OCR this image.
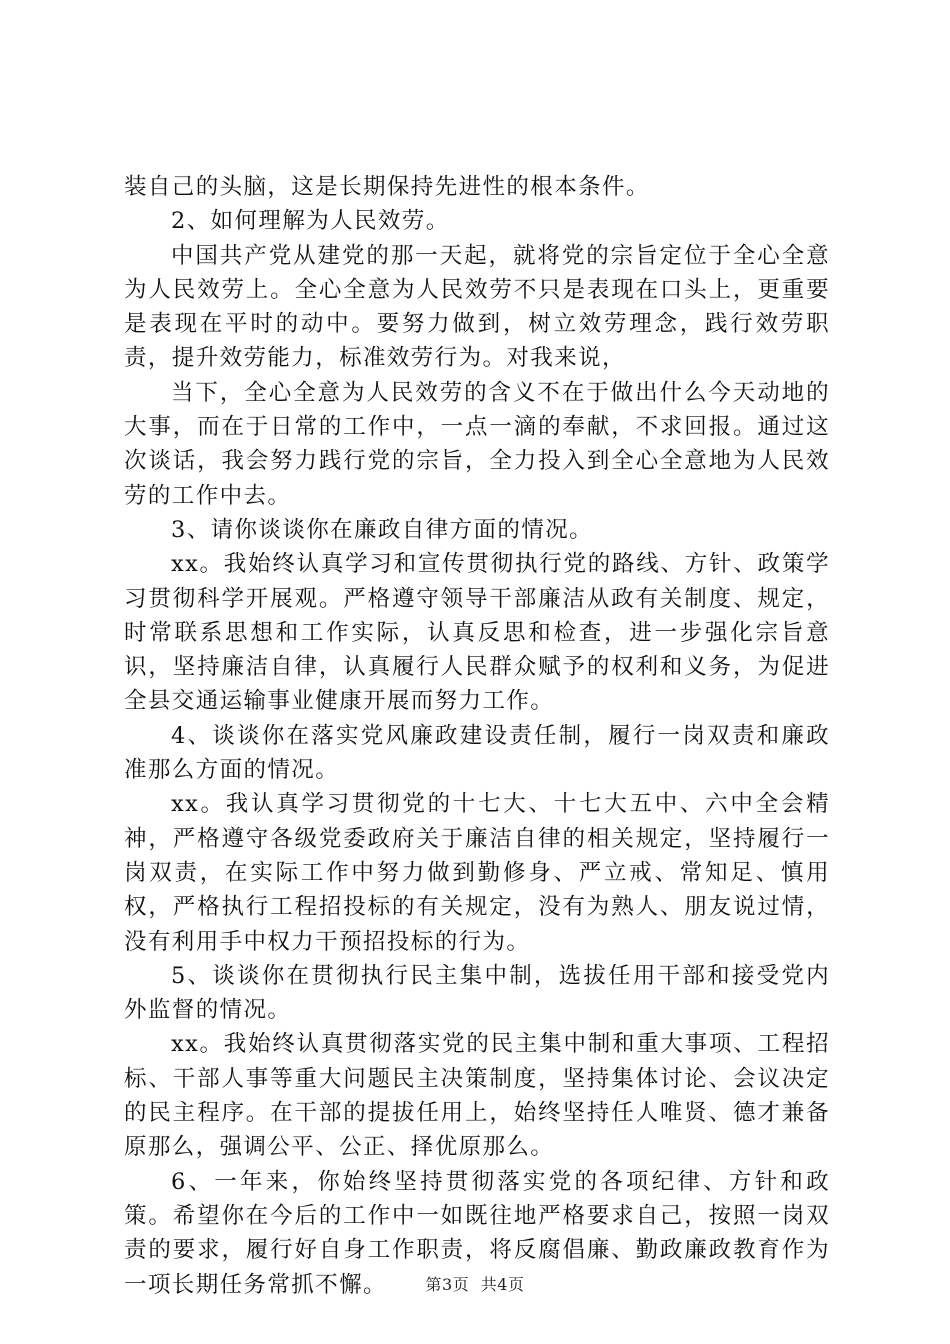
装自己的头脑，这是长期保持先进性的根本条件。

2、如何理解为人民效劳。

中国共产党从建党的那一天起，就将党的宗旨定位于全心全意为人民效劳上。全心全意为人民效劳不只是表现在口头上，更重要是表现在平时的动中。要努力做到，树立效劳理念，践行效劳职责，提升效劳能力，标准效劳行为。对我来说，

当下，全心全意为人民效劳的含义不在于做出什么今天动地的大事，而在于日常的工作中，一点一滴的奉献，不求回报。通过这次谈话，我会努力践行党的宗旨，全力投入到全心全意地为人民效劳的工作中去。

3、请你谈谈你在廉政自律方面的情况。

xx。我始终认真学习和宣传贯彻执行党的路线、方针、政策学习贯彻科学开展观。严格遵守领导干部廉洁从政有关制度、规定，时常联系思想和工作实际，认真反思和检查，进一步强化宗旨意识，坚持廉洁自律，认真履行人民群众赋予的权利和义务，为促进全县交通运输事业健康开展而努力工作。

4、谈谈你在落实党风廉政建设责任制，履行一岗双责和廉政准那么方面的情况。

xx。我认真学习贯彻党的十七大、十七大五中、六中全会精神，严格遵守各级党委政府关于廉洁自律的相关规定，坚持履行一岗双责，在实际工作中努力做到勤修身、严立戒、常知足、慎用权，严格执行工程招投标的有关规定，没有为熟人、朋友说过情，没有利用手中权力干预招投标的行为。

5、谈谈你在贯彻执行民主集中制，选拔任用干部和接受党内外监督的情况。

xx。我始终认真贯彻落实党的民主集中制和重大事项、工程招标、干部人事等重大问题民主决策制度，坚持集体讨论、会议决定的民主程序。在干部的提拔任用上，始终坚持任人唯贤、德才兼备原那么，强调公平、公正、择优原那么。

6、一年来，你始终坚持贯彻落实党的各项纪律、方针和政策。希望你在今后的工作中一如既往地严格要求自己，按照一岗双责的要求，履行好自身工作职责，将反腐倡廉、勤政廉政教育作为一项长期任务常抓不懈。	第3页 共4页
